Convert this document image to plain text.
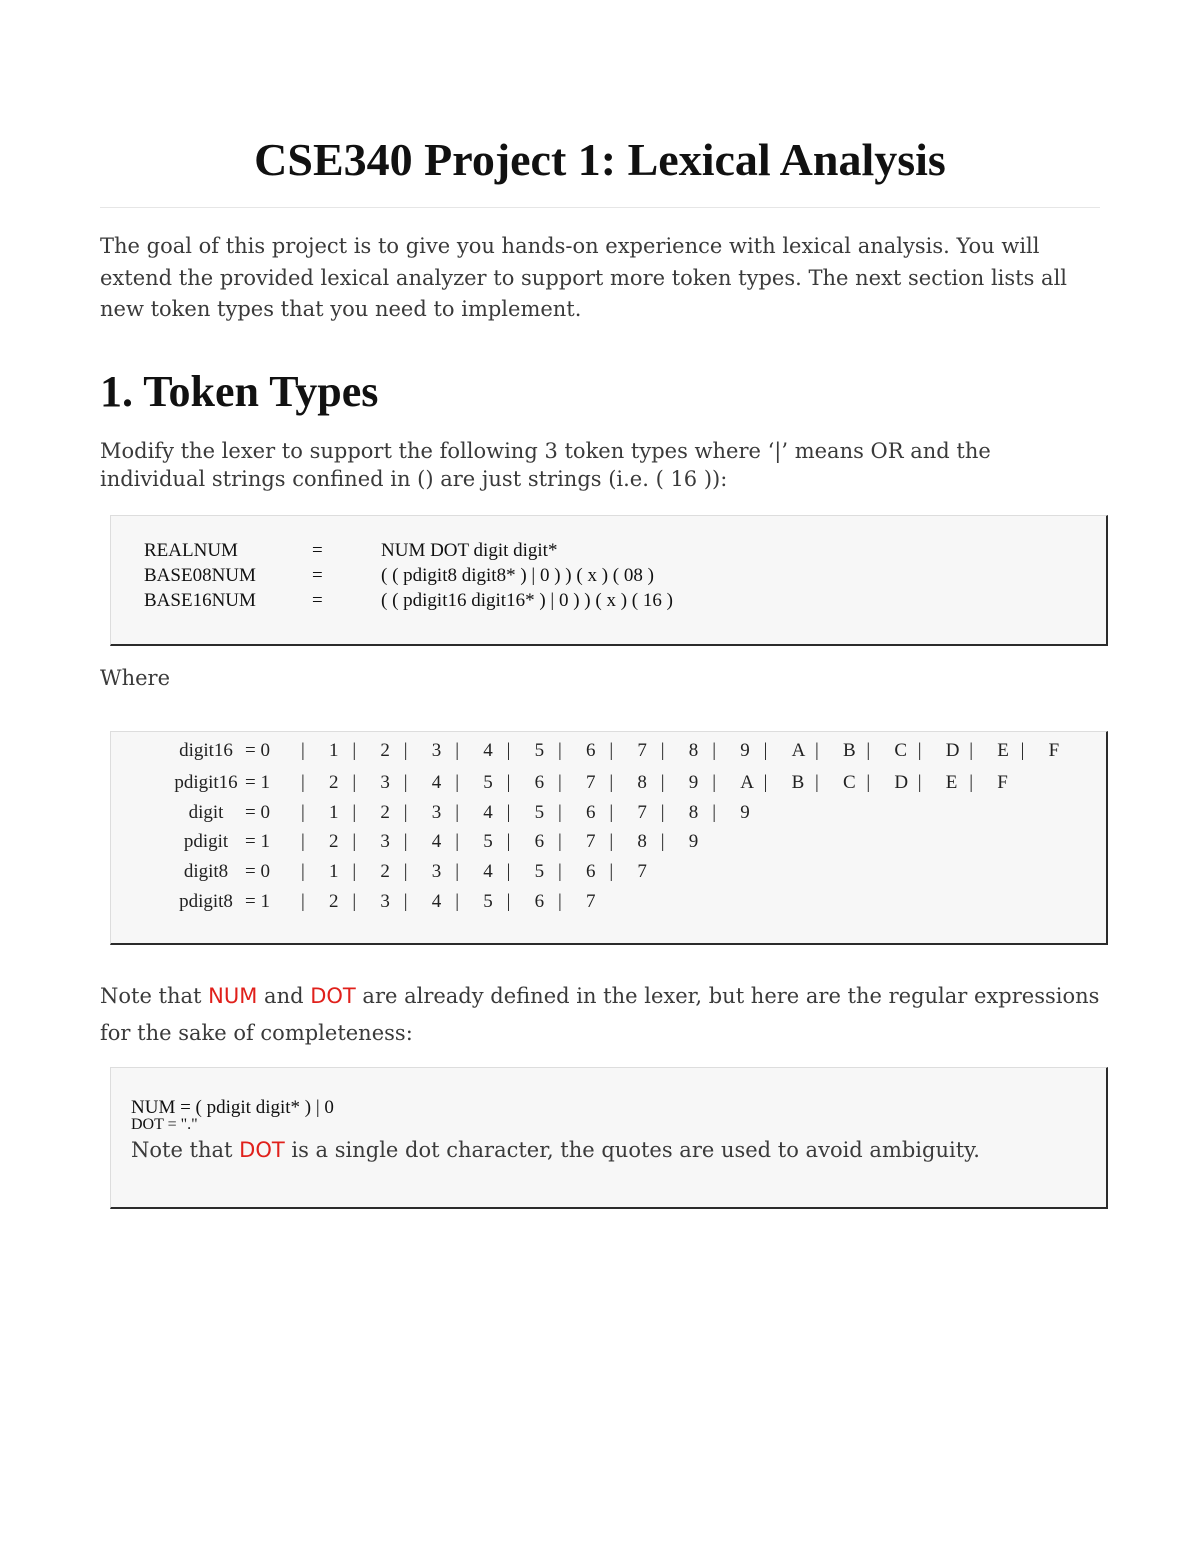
CSE340 Project 1: Lexical Analysis

The goal of this project is to give you hands-on experience with lexical analysis. You will extend the provided lexical analyzer to support more token types. The next section lists all new token types that you need to implement.

1. Token Types

Modify the lexer to support the following 3 token types where ‘|’ means OR and the individual strings confined in () are just strings (i.e. ( 16 )):

REALNUM	=	NUM DOT digit digit*
BASE08NUM	=	( ( pdigit8 digit8* ) | 0 ) ) ( x ) ( 08 )
BASE16NUM	=	( ( pdigit16 digit16* ) | 0 ) ) ( x ) ( 16 )

Where

digit16 = 0 | 1 | 2 | 3 | 4 | 5 | 6 | 7 | 8 | 9 | A | B | C | D | E | F
pdigit16 = 1 | 2 | 3 | 4 | 5 | 6 | 7 | 8 | 9 | A | B | C | D | E | F
digit	= 0 | 1 | 2 | 3 | 4 | 5 | 6 | 7 | 8 | 9
pdigit = 1 | 2 | 3 | 4 | 5 | 6 | 7 | 8 | 9
digit8 = 0 | 1 | 2 | 3 | 4 | 5 | 6 | 7
pdigit8 = 1 | 2 | 3 | 4 | 5 | 6 | 7

Note that NUM and DOT are already defined in the lexer, but here are the regular expressions for the sake of completeness:

NUM = ( pdigit digit* ) | 0
DOT = "."
Note that DOT is a single dot character, the quotes are used to avoid ambiguity.
